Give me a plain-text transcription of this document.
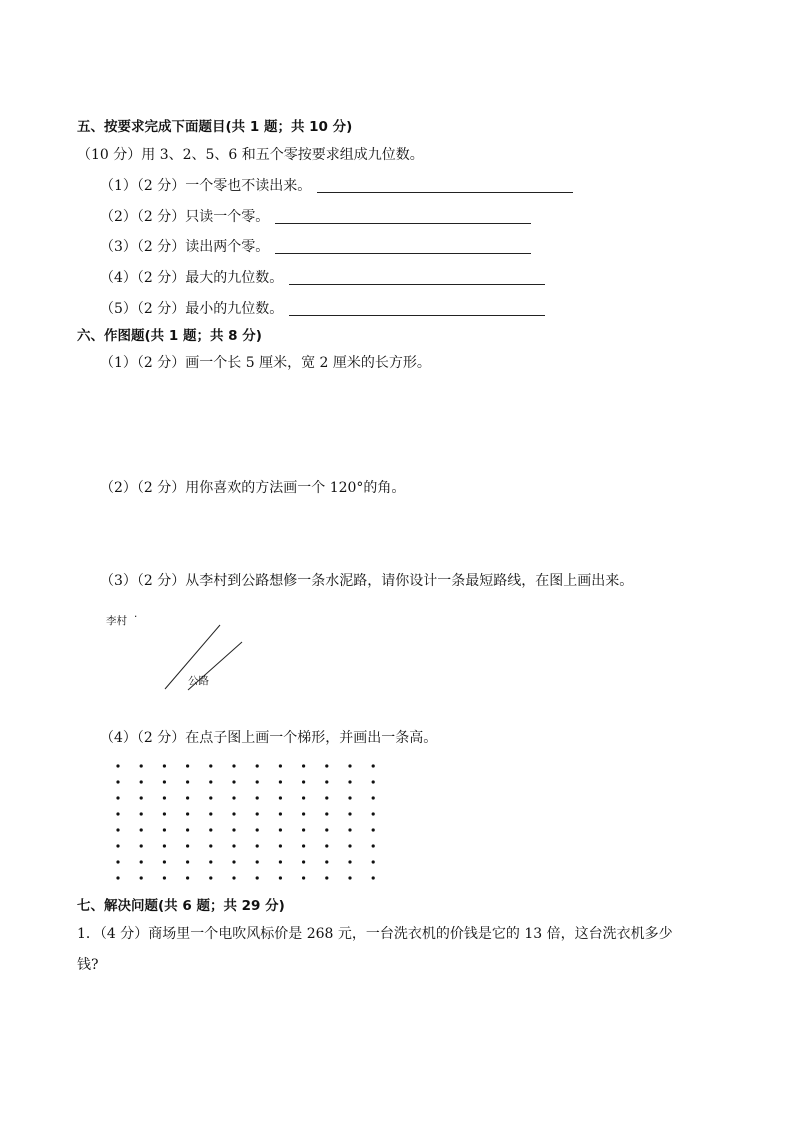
五、按要求完成下面题目(共 1 题；共 10 分)
（10 分）用 3、2、5、6 和五个零按要求组成九位数。
（1）（2 分）一个零也不读出来。
（2）（2 分）只读一个零。
（3）（2 分）读出两个零。
（4）（2 分）最大的九位数。
（5）（2 分）最小的九位数。
六、作图题(共 1 题；共 8 分)
（1）（2 分）画一个长 5 厘米，宽 2 厘米的长方形。
（2）（2 分）用你喜欢的方法画一个 120°的角。
（3）（2 分）从李村到公路想修一条水泥路，请你设计一条最短路线，在图上画出来。
李村 ·
公路
（4）（2 分）在点子图上画一个梯形，并画出一条高。
七、解决问题(共 6 题；共 29 分)
1．（4 分）商场里一个电吹风标价是 268 元，一台洗衣机的价钱是它的 13 倍，这台洗衣机多少
钱?
